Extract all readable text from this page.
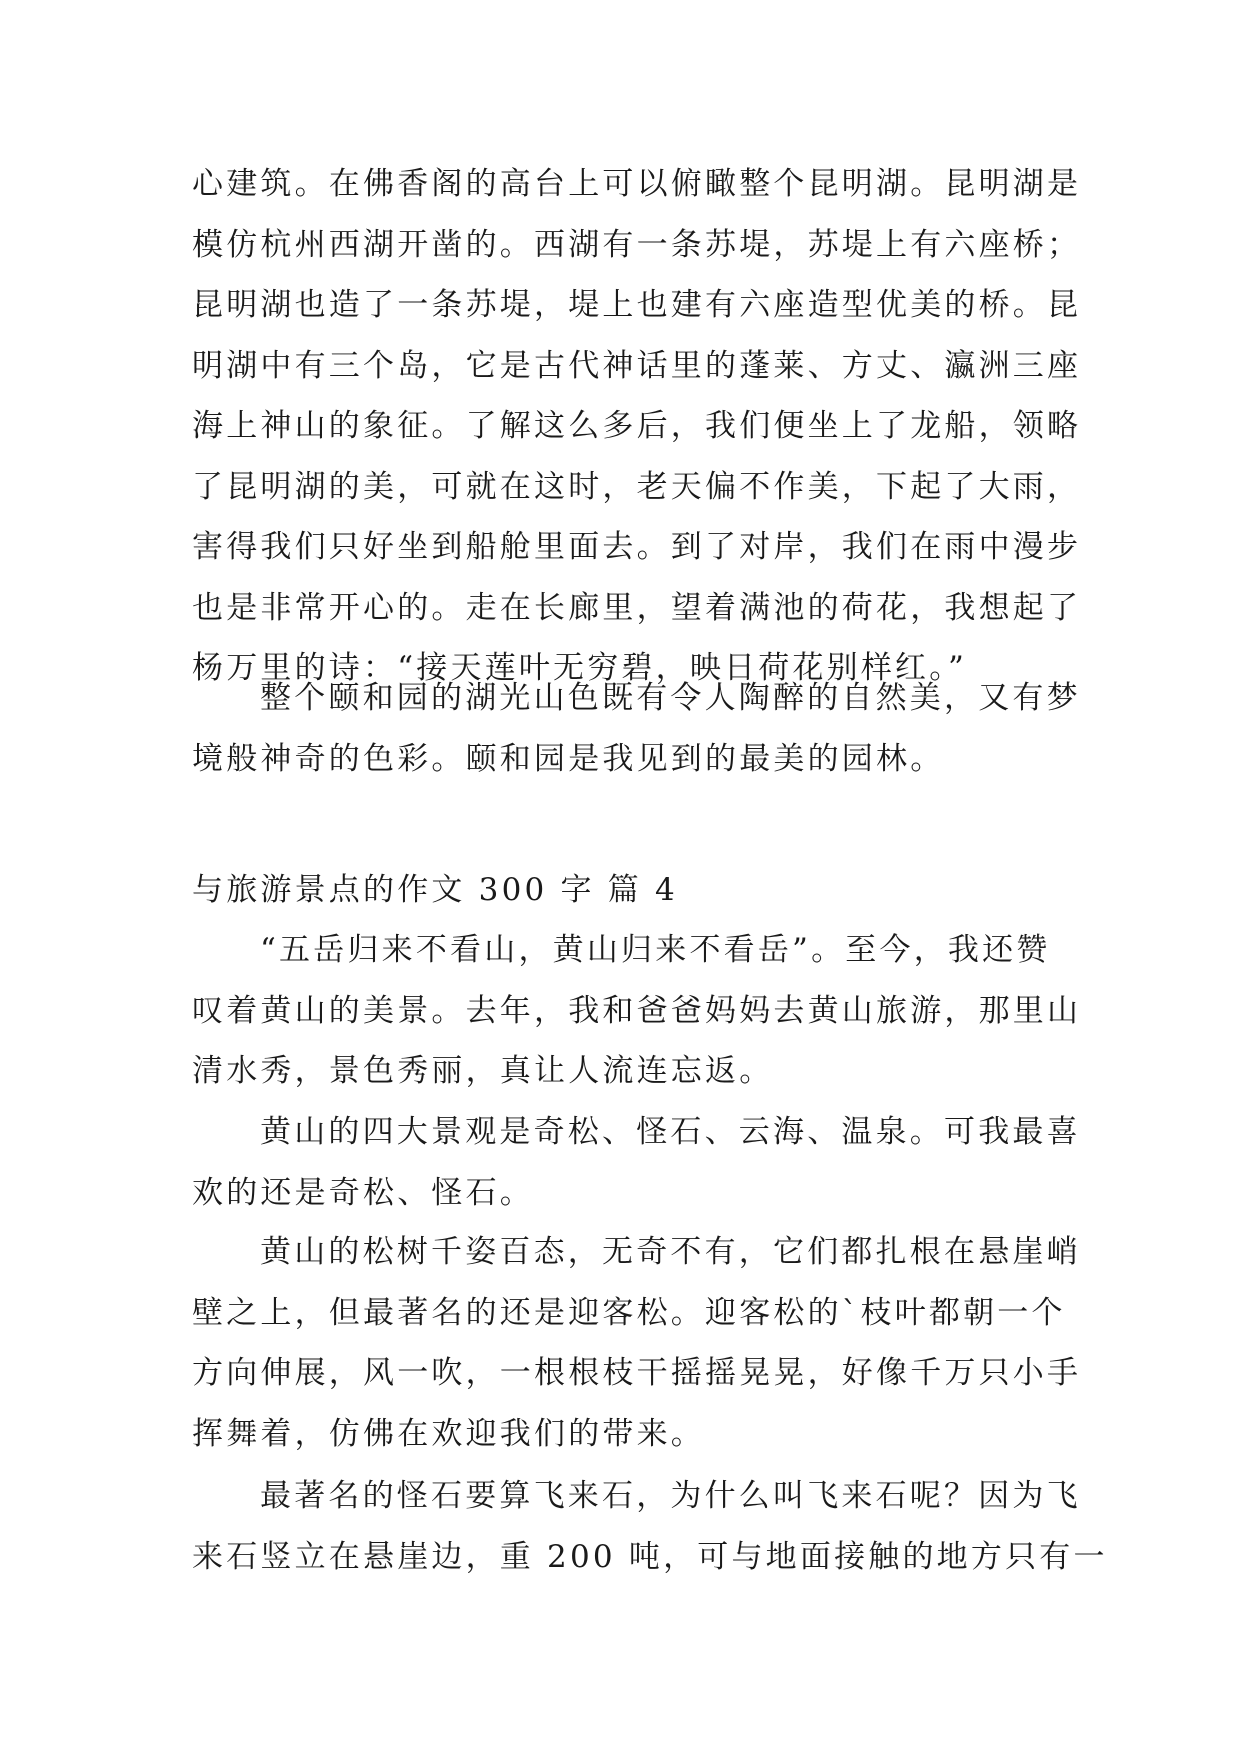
心建筑。在佛香阁的高台上可以俯瞰整个昆明湖。昆明湖是
模仿杭州西湖开凿的。西湖有一条苏堤，苏堤上有六座桥；
昆明湖也造了一条苏堤，堤上也建有六座造型优美的桥。昆
明湖中有三个岛，它是古代神话里的蓬莱、方丈、瀛洲三座
海上神山的象征。了解这么多后，我们便坐上了龙船，领略
了昆明湖的美，可就在这时，老天偏不作美，下起了大雨，
害得我们只好坐到船舱里面去。到了对岸，我们在雨中漫步
也是非常开心的。走在长廊里，望着满池的荷花，我想起了
杨万里的诗：“接天莲叶无穷碧，映日荷花别样红。”
整个颐和园的湖光山色既有令人陶醉的自然美，又有梦
境般神奇的色彩。颐和园是我见到的最美的园林。
与旅游景点的作文 300 字 篇 4
“五岳归来不看山，黄山归来不看岳”。至今，我还赞
叹着黄山的美景。去年，我和爸爸妈妈去黄山旅游，那里山
清水秀，景色秀丽，真让人流连忘返。
黄山的四大景观是奇松、怪石、云海、温泉。可我最喜
欢的还是奇松、怪石。
黄山的松树千姿百态，无奇不有，它们都扎根在悬崖峭
壁之上，但最著名的还是迎客松。迎客松的`枝叶都朝一个
方向伸展，风一吹，一根根枝干摇摇晃晃，好像千万只小手
挥舞着，仿佛在欢迎我们的带来。
最著名的怪石要算飞来石，为什么叫飞来石呢？因为飞
来石竖立在悬崖边，重 200 吨，可与地面接触的地方只有一
